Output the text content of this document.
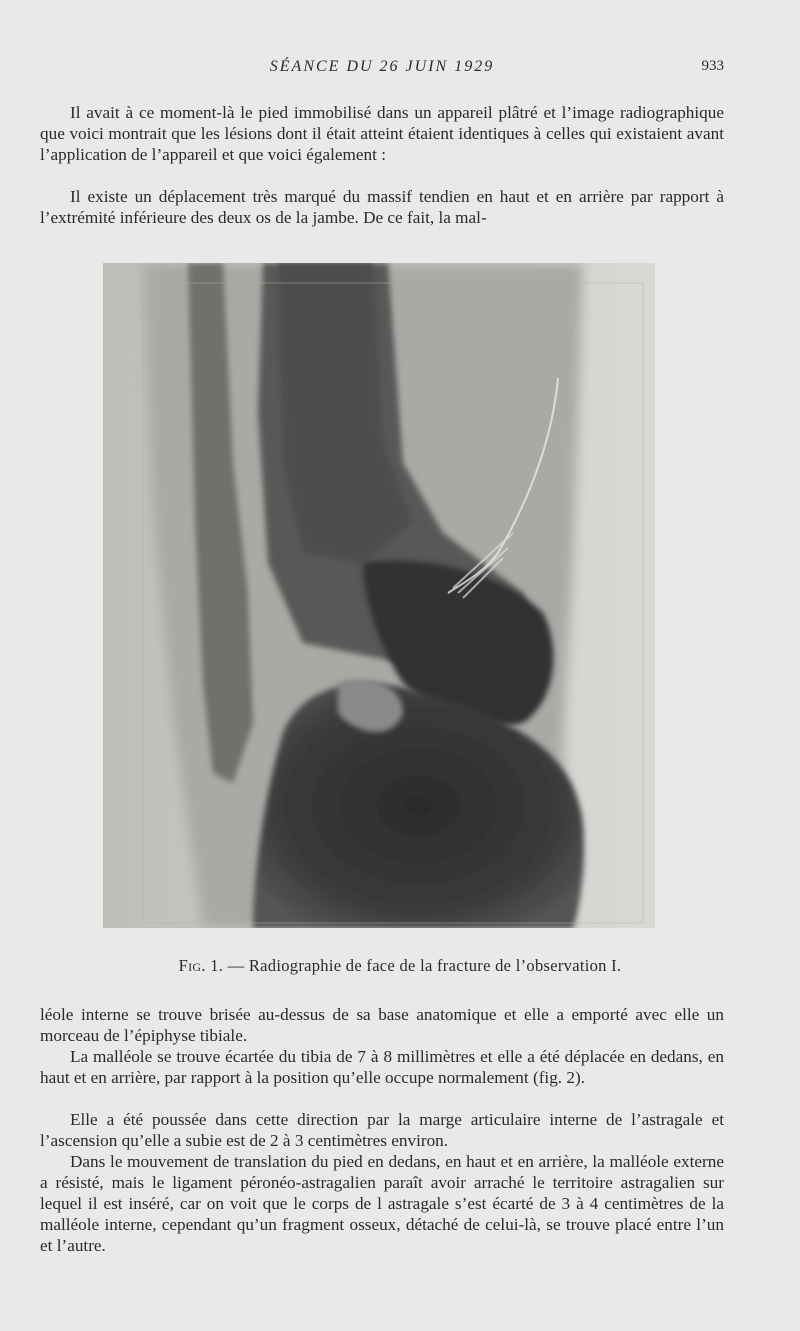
SÉANCE DU 26 JUIN 1929	933

Il avait à ce moment-là le pied immobilisé dans un appareil plâtré et l’image radiographique que voici montrait que les lésions dont il était atteint étaient identiques à celles qui existaient avant l’application de l’appareil et que voici également :

Il existe un déplacement très marqué du massif tendien en haut et en arrière par rapport à l’extrémité inférieure des deux os de la jambe. De ce fait, la mal-

Fig. 1. — Radiographie de face de la fracture de l’observation I.

léole interne se trouve brisée au-dessus de sa base anatomique et elle a emporté avec elle un morceau de l’épiphyse tibiale.

La malléole se trouve écartée du tibia de 7 à 8 millimètres et elle a été déplacée en dedans, en haut et en arrière, par rapport à la position qu’elle occupe normalement (fig. 2).

Elle a été poussée dans cette direction par la marge articulaire interne de l’astragale et l’ascension qu’elle a subie est de 2 à 3 centimètres environ.

Dans le mouvement de translation du pied en dedans, en haut et en arrière, la malléole externe a résisté, mais le ligament péronéo-astragalien paraît avoir arraché le territoire astragalien sur lequel il est inséré, car on voit que le corps de l astragale s’est écarté de 3 à 4 centimètres de la malléole interne, cependant qu’un fragment osseux, détaché de celui-là, se trouve placé entre l’un et l’autre.
